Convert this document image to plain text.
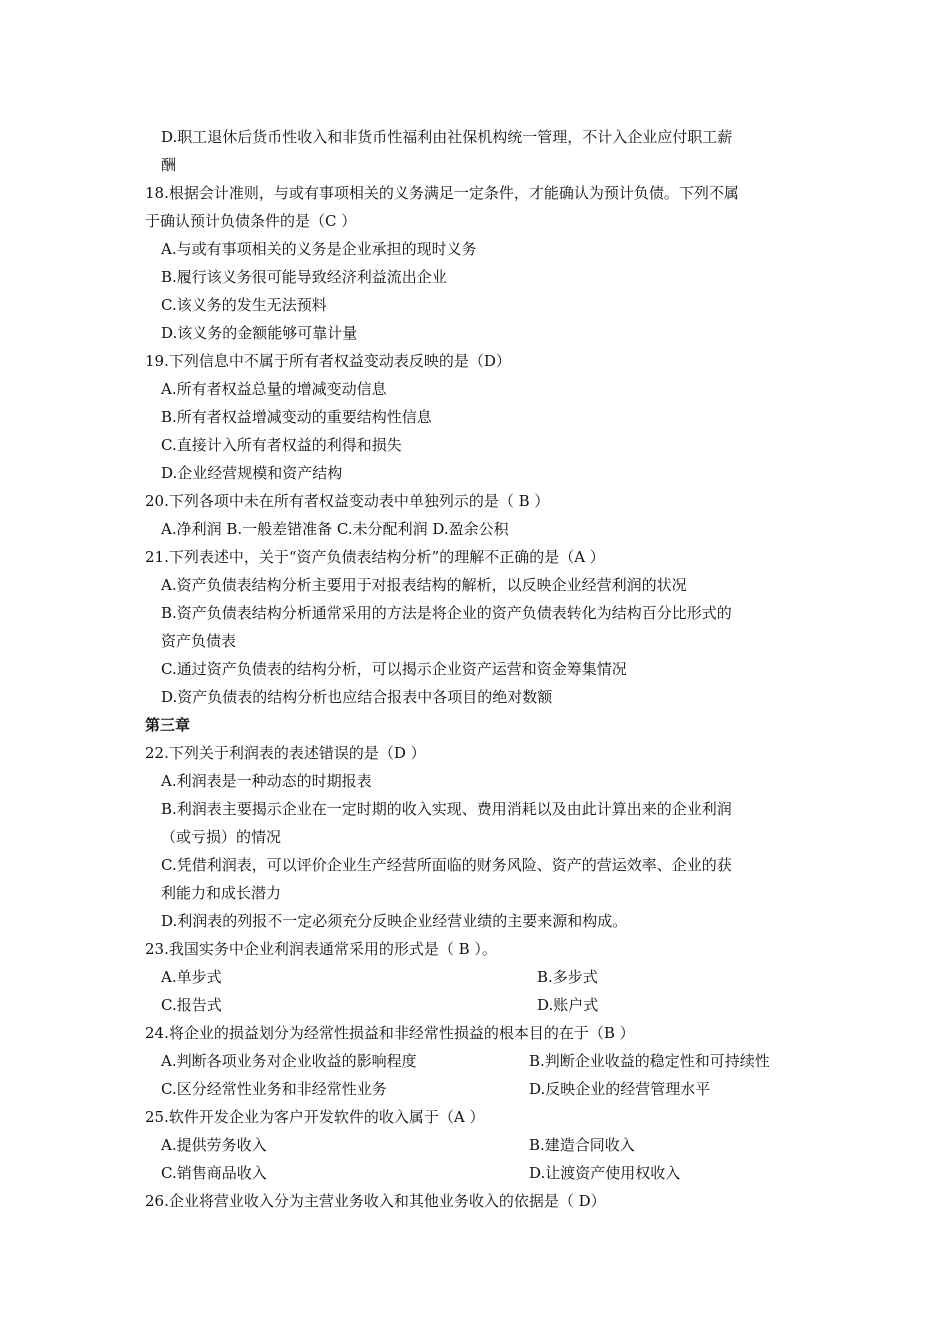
D.职工退休后货币性收入和非货币性福利由社保机构统一管理，不计入企业应付职工薪
酬
18.根据会计准则，与或有事项相关的义务满足一定条件，才能确认为预计负债。下列不属
于确认预计负债条件的是（C ）
A.与或有事项相关的义务是企业承担的现时义务
B.履行该义务很可能导致经济利益流出企业
C.该义务的发生无法预料
D.该义务的金额能够可靠计量
19.下列信息中不属于所有者权益变动表反映的是（D）
A.所有者权益总量的增减变动信息
B.所有者权益增减变动的重要结构性信息
C.直接计入所有者权益的利得和损失
D.企业经营规模和资产结构
20.下列各项中未在所有者权益变动表中单独列示的是（ B ）
A.净利润 B.一般差错准备 C.未分配利润 D.盈余公积
21.下列表述中，关于“资产负债表结构分析”的理解不正确的是（A ）
A.资产负债表结构分析主要用于对报表结构的解析，以反映企业经营利润的状况
B.资产负债表结构分析通常采用的方法是将企业的资产负债表转化为结构百分比形式的
资产负债表
C.通过资产负债表的结构分析，可以揭示企业资产运营和资金筹集情况
D.资产负债表的结构分析也应结合报表中各项目的绝对数额
第三章
22.下列关于利润表的表述错误的是（D ）
A.利润表是一种动态的时期报表
B.利润表主要揭示企业在一定时期的收入实现、费用消耗以及由此计算出来的企业利润
（或亏损）的情况
C.凭借利润表，可以评价企业生产经营所面临的财务风险、资产的营运效率、企业的获
利能力和成长潜力
D.利润表的列报不一定必须充分反映企业经营业绩的主要来源和构成。
23.我国实务中企业利润表通常采用的形式是（ B ）。
A.单步式	B.多步式
C.报告式	D.账户式
24.将企业的损益划分为经常性损益和非经常性损益的根本目的在于（B ）
A.判断各项业务对企业收益的影响程度	B.判断企业收益的稳定性和可持续性
C.区分经常性业务和非经常性业务	D.反映企业的经营管理水平
25.软件开发企业为客户开发软件的收入属于（A ）
A.提供劳务收入	B.建造合同收入
C.销售商品收入	D.让渡资产使用权收入
26.企业将营业收入分为主营业务收入和其他业务收入的依据是（ D）
